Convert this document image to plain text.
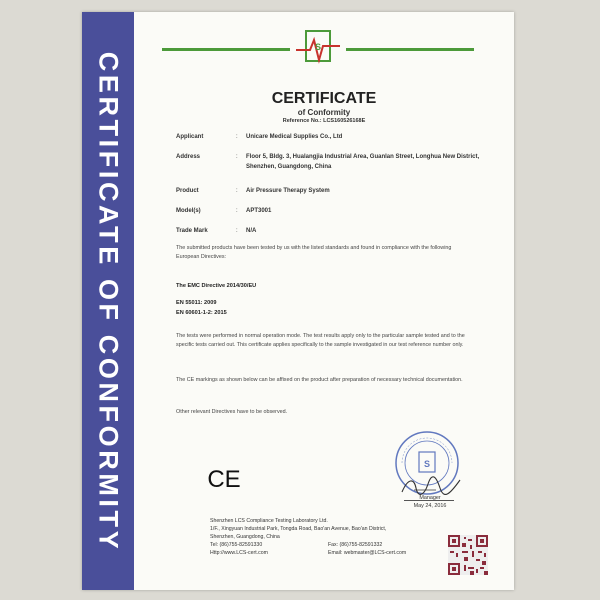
CERTIFICATE OF CONFORMITY
S
CERTIFICATE
of Conformity
Reference No.: LCS160526168E
Applicant	: Unicare Medical Supplies Co., Ltd
Address	: Floor 5, Bldg. 3, Hualangjia Industrial Area, Guanlan Street, Longhua New District, Shenzhen, Guangdong, China
Product	: Air Pressure Therapy System
Model(s)	: APT3001
Trade Mark	: N/A
The submitted products have been tested by us with the listed standards and found in compliance with the following European Directives:
The EMC Directive 2014/30/EU
EN 55011: 2009
EN 60601-1-2: 2015
The tests were performed in normal operation mode. The test results apply only to the particular sample tested and to the specific tests carried out. This certificate applies specifically to the sample investigated in our test reference number only.
The CE markings as shown below can be affixed on the product after preparation of necessary technical documentation.
Other relevant Directives have to be observed.
CE
S
Manager
May 24, 2016
Shenzhen LCS Compliance Testing Laboratory Ltd.
1/F., Xingyuan Industrial Park, Tongda Road, Bao'an Avenue, Bao'an District,
Shenzhen, Guangdong, China
Tel: (86)755-82591330	Fax: (86)755-82591332
Http://www.LCS-cert.com	Email: webmaster@LCS-cert.com
